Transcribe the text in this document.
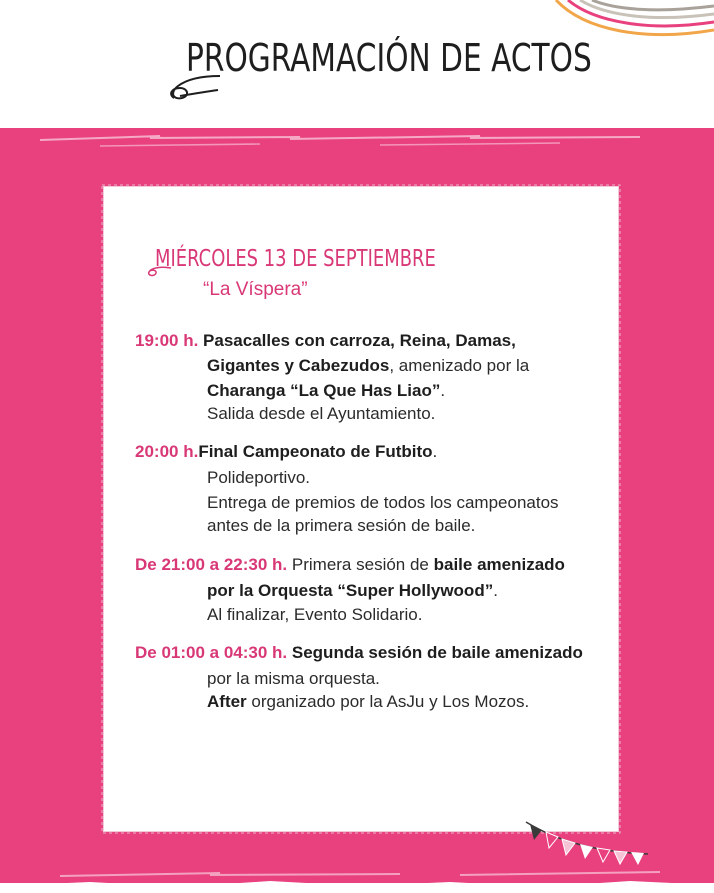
PROGRAMACIÓN DE ACTOS
MIÉRCOLES 13 DE SEPTIEMBRE
“La Víspera”
19:00 h. Pasacalles con carroza, Reina, Damas,
Gigantes y Cabezudos, amenizado por la
Charanga “La Que Has Liao”.
Salida desde el Ayuntamiento.
20:00 h.Final Campeonato de Futbito.
Polideportivo.
Entrega de premios de todos los campeonatos
antes de la primera sesión de baile.
De 21:00 a 22:30 h. Primera sesión de baile amenizado
por la Orquesta “Super Hollywood”.
Al finalizar, Evento Solidario.
De 01:00 a 04:30 h. Segunda sesión de baile amenizado
por la misma orquesta.
After organizado por la AsJu y Los Mozos.
